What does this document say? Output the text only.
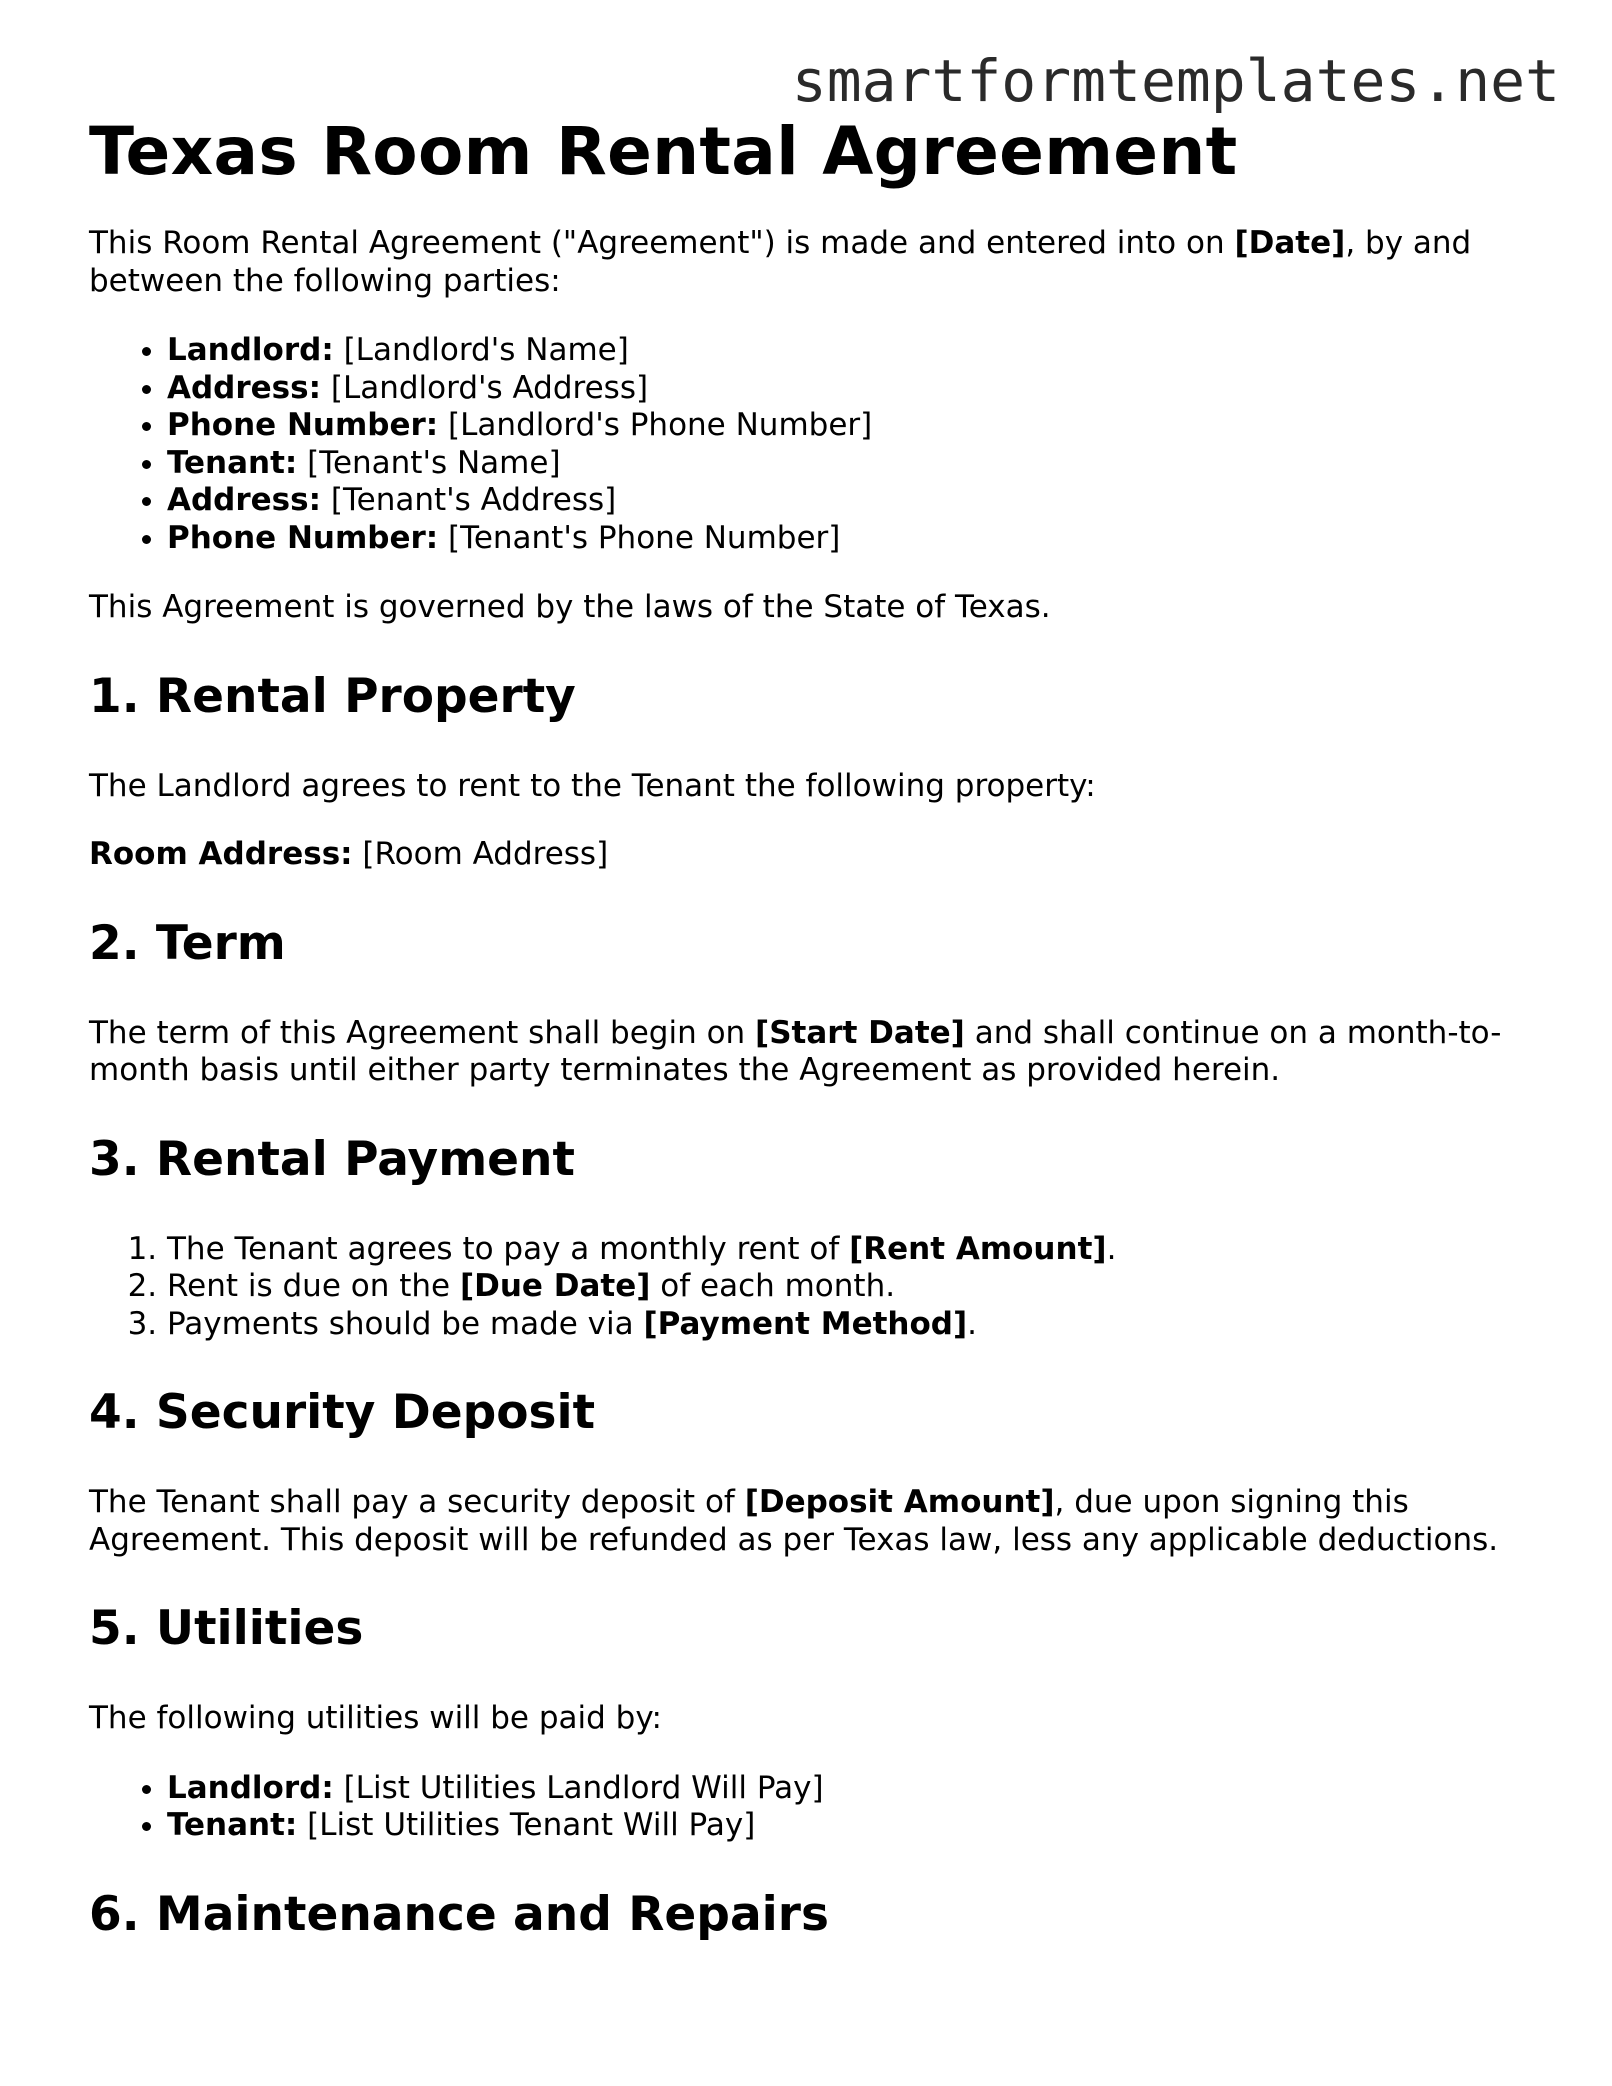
smartformtemplates.net
Texas Room Rental Agreement

This Room Rental Agreement ("Agreement") is made and entered into on [Date], by and between the following parties:

• Landlord: [Landlord's Name]
• Address: [Landlord's Address]
• Phone Number: [Landlord's Phone Number]
• Tenant: [Tenant's Name]
• Address: [Tenant's Address]
• Phone Number: [Tenant's Phone Number]

This Agreement is governed by the laws of the State of Texas.

1. Rental Property

The Landlord agrees to rent to the Tenant the following property:

Room Address: [Room Address]

2. Term

The term of this Agreement shall begin on [Start Date] and shall continue on a month-to-month basis until either party terminates the Agreement as provided herein.

3. Rental Payment
1. The Tenant agrees to pay a monthly rent of [Rent Amount].
2. Rent is due on the [Due Date] of each month.
3. Payments should be made via [Payment Method].
4. Security Deposit

The Tenant shall pay a security deposit of [Deposit Amount], due upon signing this Agreement. This deposit will be refunded as per Texas law, less any applicable deductions.

5. Utilities

The following utilities will be paid by:

• Landlord: [List Utilities Landlord Will Pay]
• Tenant: [List Utilities Tenant Will Pay]
6. Maintenance and Repairs
